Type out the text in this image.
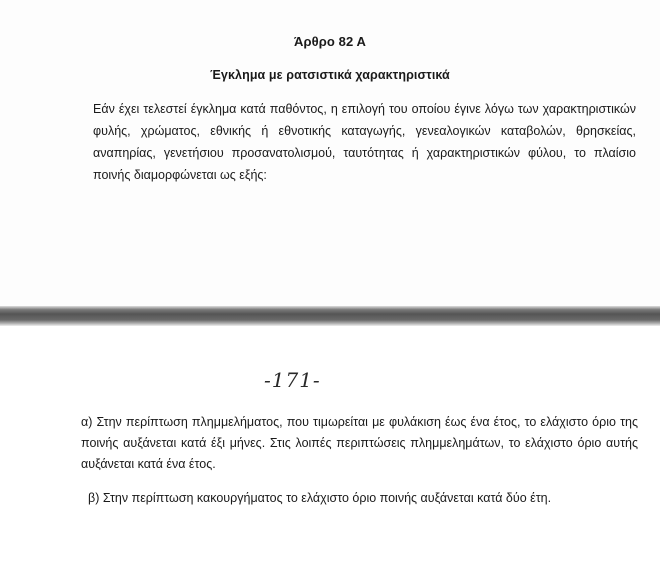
Άρθρο 82 Α
Έγκλημα με ρατσιστικά χαρακτηριστικά

Εάν έχει τελεστεί έγκλημα κατά παθόντος, η επιλογή του οποίου έγινε λόγω των χαρακτηριστικών φυλής, χρώματος, εθνικής ή εθνοτικής καταγωγής, γενεαλογικών καταβολών, θρησκείας, αναπηρίας, γενετήσιου προσανατολισμού, ταυτότητας ή χαρακτηριστικών φύλου, το πλαίσιο ποινής διαμορφώνεται ως εξής:

-171-

α) Στην περίπτωση πλημμελήματος, που τιμωρείται με φυλάκιση έως ένα έτος, το ελάχιστο όριο της ποινής αυξάνεται κατά έξι μήνες. Στις λοιπές περιπτώσεις πλημμελημάτων, το ελάχιστο όριο αυτής αυξάνεται κατά ένα έτος.

β) Στην περίπτωση κακουργήματος το ελάχιστο όριο ποινής αυξάνεται κατά δύο έτη.
